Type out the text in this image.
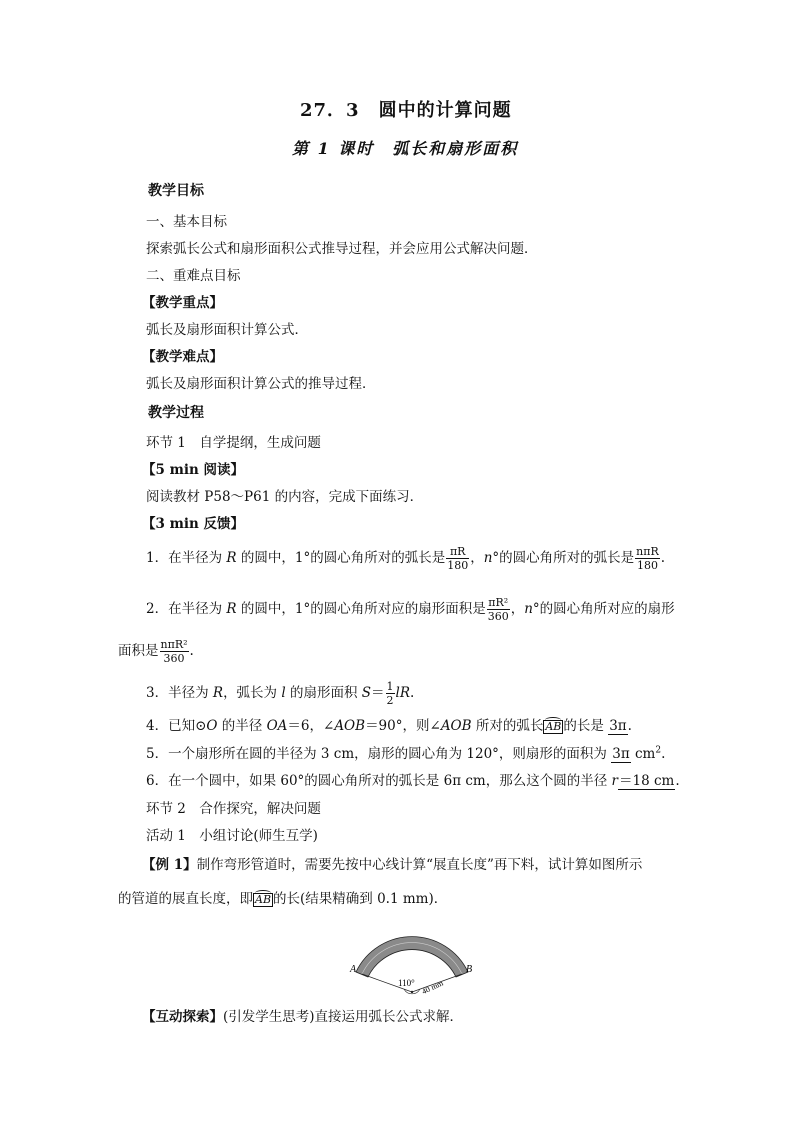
27．3　圆中的计算问题
第 1 课时　弧长和扇形面积
教学目标
一、基本目标
探索弧长公式和扇形面积公式推导过程，并会应用公式解决问题．
二、重难点目标
【教学重点】
弧长及扇形面积计算公式．
【教学难点】
弧长及扇形面积计算公式的推导过程．
教学过程
环节 1　自学提纲，生成问题
【5 min 阅读】
阅读教材 P58～P61 的内容，完成下面练习．
【3 min 反馈】
1．在半径为 R 的圆中，1°的圆心角所对的弧长是 $\frac{\pi R}{180}$ ，n°的圆心角所对的弧长是 $\frac{\text{nπR}}{180}$ .
2．在半径为 R 的圆中，1°的圆心角所对应的扇形面积是 $\frac{\text{πR²}}{360}$ ，n°的圆心角所对应的扇形
面积是 $\frac{\text{nπR²}}{360}$ .
3．半径为 R，弧长为 l 的扇形面积 $S= \frac{1}{2}$ lR.
4．已知⊙O 的半径 OA＝6，∠AOB＝90°，则∠AOB 所对的弧长 AB 的长是 3π.
5．一个扇形所在圆的半径为 3 cm，扇形的圆心角为 120°，则扇形的面积为 3π $cm^2$.
6．在一个圆中，如果 60°的圆心角所对的弧长是 6π cm，那么这个圆的半径 r＝18 cm.
环节 2　合作探究，解决问题
活动 1　小组讨论(师生互学)
【例 1】制作弯形管道时，需要先按中心线计算“展直长度”再下料，试计算如图所示
的管道的展直长度，即 AB 的长(结果精确到 0.1 mm)．
A	B
110° 40 mm
【互动探索】(引发学生思考)直接运用弧长公式求解．
